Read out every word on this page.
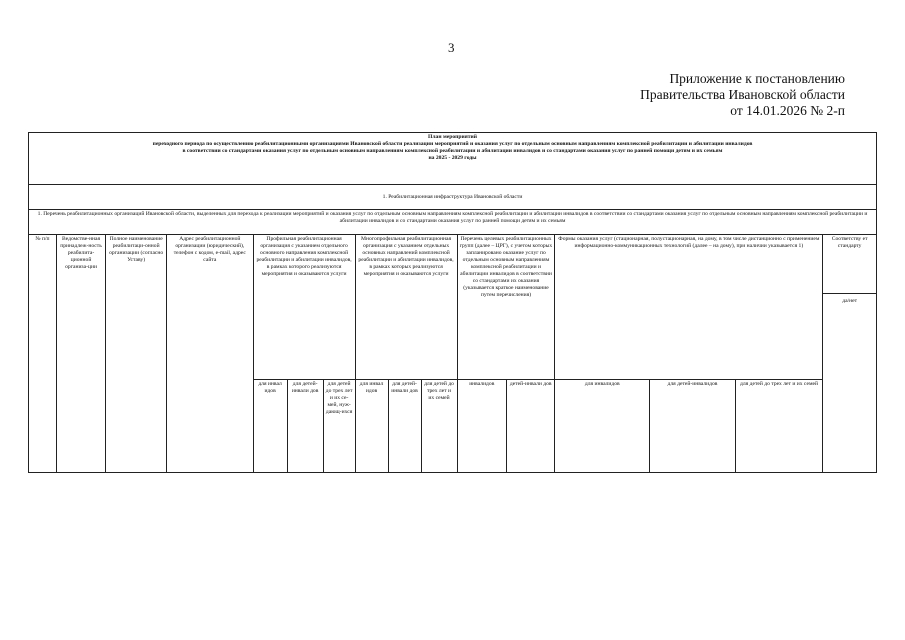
3
Приложение к постановлению
Правительства Ивановской области
от 14.01.2026 № 2-п
План мероприятий
переходного периода по осуществлению реабилитационными организациями Ивановской области реализации мероприятий и оказания услуг по отдельным основным направлениям комплексной реабилитации и абилитации инвалидов
в соответствии со стандартами оказания услуг по отдельным основным направлениям комплексной реабилитации и абилитации инвалидов и со стандартами оказания услуг по ранней помощи детям и их семьям
на 2025 - 2029 годы															

1. Реабилитационная инфраструктура Ивановской области															
1. Перечень реабилитационных организаций Ивановской области, выделенных для перехода к реализации мероприятий и оказания услуг по отдельным основным направлениям комплексной реабилитации и абилитации инвалидов в соответствии со стандартами оказания услуг по отдельным основным направлениям комплексной реабилитации и абилитации инвалидов и со стандартами оказания услуг по ранней помощи детям и их семьям															
№ п/п	Ведомстве-нная принадлеж-ность реабилита-ционной организа-ции	Полное наименование реабилитаци-онной организации (согласно Уставу)	Адрес реабилитационной организации (юридический), телефон с кодом, e-mail, адрес сайта	Профильная реабилитационная организация с указанием отдельного основного направления комплексной реабилитации и абилитации инвалидов, в рамках которого реализуются мероприятия и оказываются услуги			Многопрофильная реабилитационная организация с указанием отдельных основных направлений комплексной реабилитации и абилитации инвалидов, в рамках которых реализуются мероприятия и оказываются услуги			Перечень целевых реабилитационных групп (далее – ЦРГ), с учетом которых запланировано оказание услуг по отдельным основным направлениям комплексной реабилитации и абилитации инвалидов в соответствии со стандартами их оказания (указывается краткое наименование путем перечисления)		Формы оказания услуг (стационарная, полустационарная, на дому, в том числе дистанционно с применением информационно-коммуникационных технологий (далее – на дому), при наличии указывается 1)			Соответству ет стандарту
да/нет

				для инвал идов	для детей-инвали дов	для детей до трех лет и их се-мей, нуж-дающ-ихся	для инвал идов	для детей-инвали дов	для детей до трех лет и их семей	инвалидов	детей-инвали дов	для инвалидов	для детей-инвалидов	для детей до трех лет и их семей	
